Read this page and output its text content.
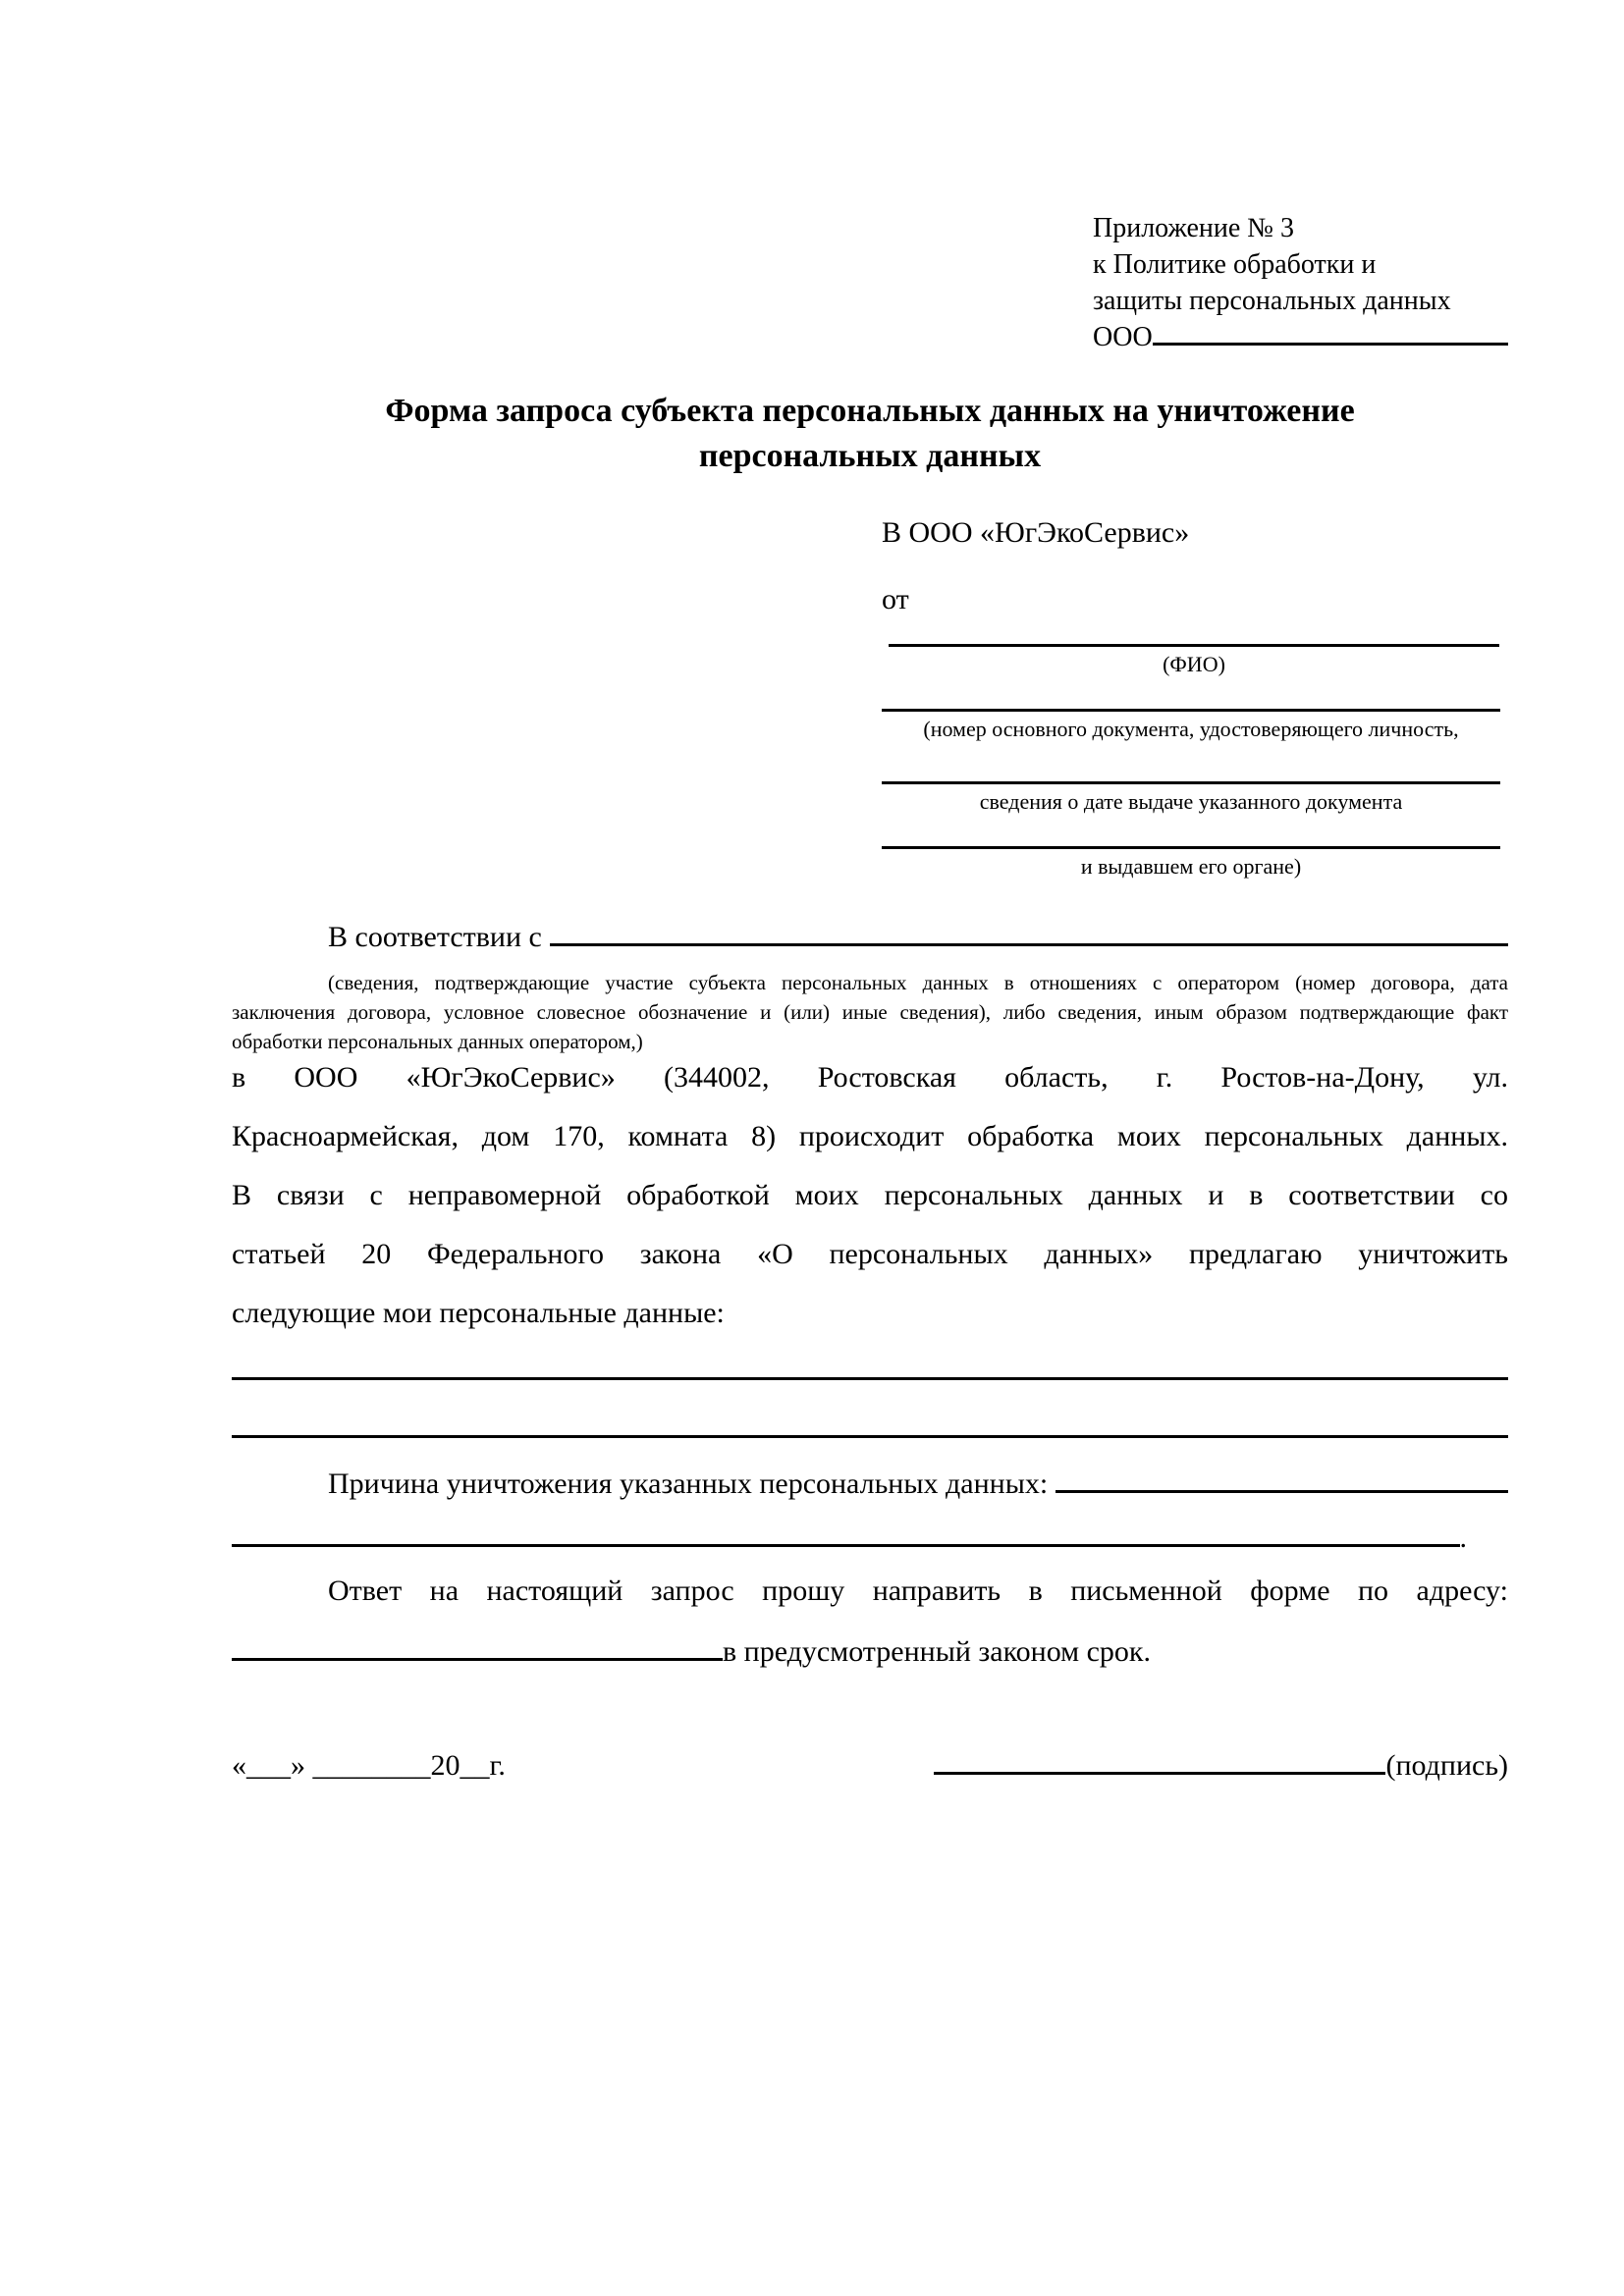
Приложение № 3
к Политике обработки и
защиты персональных данных
ООО
Форма запроса субъекта персональных данных на уничтожение
персональных данных
В ООО «ЮгЭкоСервис»
от
(ФИО)
(номер основного документа, удостоверяющего личность,
сведения о дате выдаче указанного документа
и выдавшем его органе)
В соответствии с
(сведения, подтверждающие участие субъекта персональных данных в отношениях с оператором (номер договора, дата
заключения договора, условное словесное обозначение и (или) иные сведения), либо сведения, иным образом подтверждающие факт
обработки персональных данных оператором,)
в ООО «ЮгЭкоСервис» (344002, Ростовская область, г. Ростов-на-Дону, ул.
Красноармейская, дом 170, комната 8) происходит обработка моих персональных данных.
В связи с неправомерной обработкой моих персональных данных и в соответствии со
статьей 20 Федерального закона «О персональных данных» предлагаю уничтожить
следующие мои персональные данные:
Причина уничтожения указанных персональных данных:
.
Ответ на настоящий запрос прошу направить в письменной форме по адресу:
в предусмотренный законом срок.
«___» ________20__г.	(подпись)
